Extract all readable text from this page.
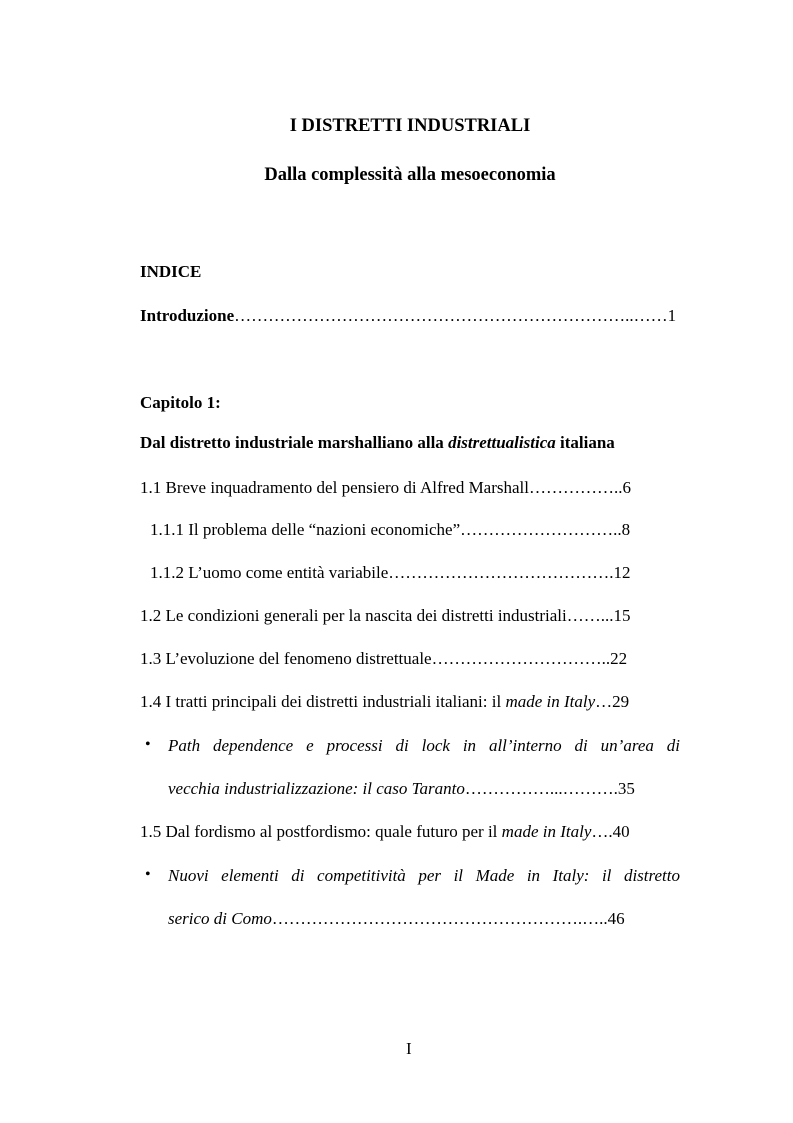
I DISTRETTI INDUSTRIALI
Dalla complessità alla mesoeconomia
INDICE
Introduzione……………………………………………………………..……1
Capitolo 1:
Dal distretto industriale marshalliano alla distrettualistica italiana
1.1 Breve inquadramento del pensiero di Alfred Marshall……………..6
1.1.1 Il problema delle “nazioni economiche”………………………..8
1.1.2 L’uomo come entità variabile………………………………….12
1.2 Le condizioni generali per la nascita dei distretti industriali……...15
1.3 L’evoluzione del fenomeno distrettuale…………………………..22
1.4 I tratti principali dei distretti industriali italiani: il made in Italy…29
• Path dependence e processi di lock in all’interno di un’area di
vecchia industrializzazione: il caso Taranto……………...……….35
1.5 Dal fordismo al postfordismo: quale futuro per il made in Italy….40
• Nuovi elementi di competitività per il Made in Italy: il distretto
serico di Como……………………………………………….…..46
I
